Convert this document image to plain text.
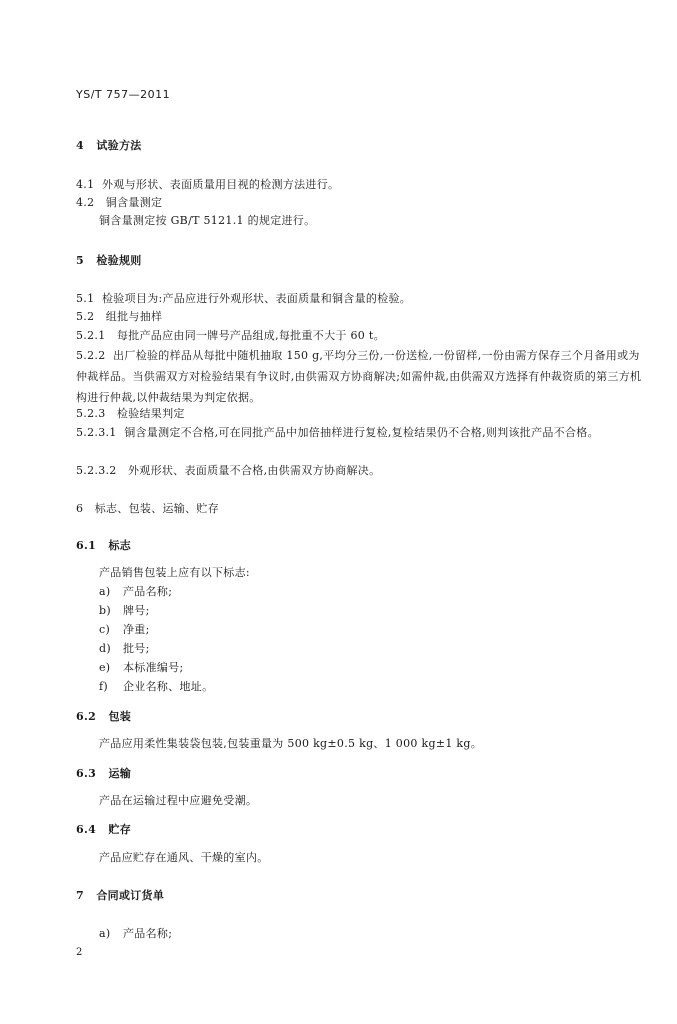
YS/T 757—2011
4 试验方法
4.1 外观与形状、表面质量用目视的检测方法进行。
4.2 铜含量测定
铜含量测定按 GB/T 5121.1 的规定进行。
5 检验规则
5.1 检验项目为:产品应进行外观形状、表面质量和铜含量的检验。
5.2 组批与抽样
5.2.1 每批产品应由同一牌号产品组成,每批重不大于 60 t。
5.2.2 出厂检验的样品从每批中随机抽取 150 g,平均分三份,一份送检,一份留样,一份由需方保存三个月备用或为仲裁样品。当供需双方对检验结果有争议时,由供需双方协商解决;如需仲裁,由供需双方选择有仲裁资质的第三方机构进行仲裁,以仲裁结果为判定依据。
5.2.3 检验结果判定
5.2.3.1 铜含量测定不合格,可在同批产品中加倍抽样进行复检,复检结果仍不合格,则判该批产品不合格。
5.2.3.2 外观形状、表面质量不合格,由供需双方协商解决。
6 标志、包装、运输、贮存
6.1 标志
产品销售包装上应有以下标志:
a) 产品名称;
b) 牌号;
c) 净重;
d) 批号;
e) 本标准编号;
f) 企业名称、地址。
6.2 包装
产品应用柔性集装袋包装,包装重量为 500 kg±0.5 kg、1 000 kg±1 kg。
6.3 运输
产品在运输过程中应避免受潮。
6.4 贮存
产品应贮存在通风、干燥的室内。
7 合同或订货单
a) 产品名称;
2
